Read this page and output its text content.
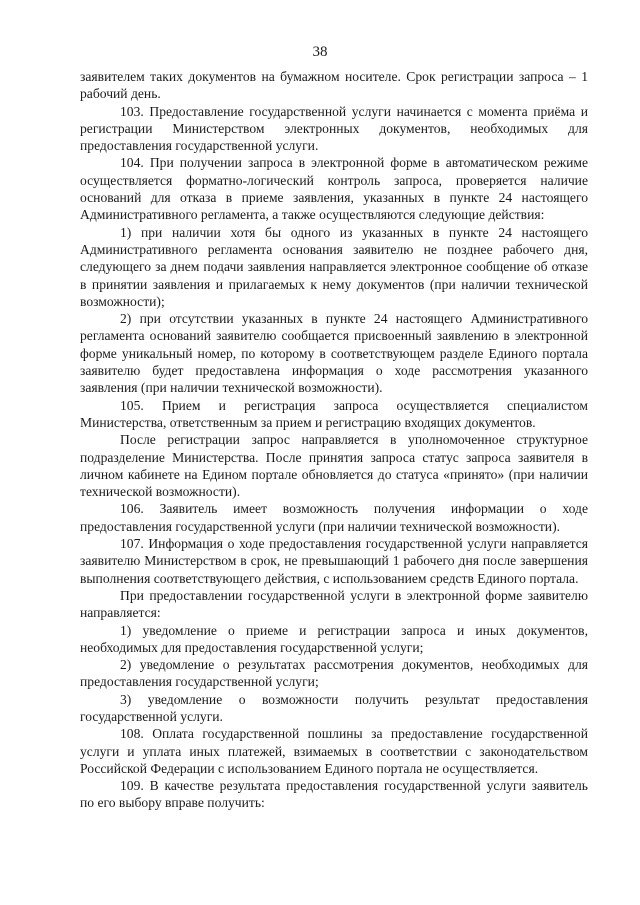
38

заявителем таких документов на бумажном носителе. Срок регистрации запроса – 1 рабочий день.

103. Предоставление государственной услуги начинается с момента приёма и регистрации Министерством электронных документов, необходимых для предоставления государственной услуги.

104. При получении запроса в электронной форме в автоматическом режиме осуществляется форматно-логический контроль запроса, проверяется наличие оснований для отказа в приеме заявления, указанных в пункте 24 настоящего Административного регламента, а также осуществляются следующие действия:

1) при наличии хотя бы одного из указанных в пункте 24 настоящего Административного регламента основания заявителю не позднее рабочего дня, следующего за днем подачи заявления направляется электронное сообщение об отказе в принятии заявления и прилагаемых к нему документов (при наличии технической возможности);

2) при отсутствии указанных в пункте 24 настоящего Административного регламента оснований заявителю сообщается присвоенный заявлению в электронной форме уникальный номер, по которому в соответствующем разделе Единого портала заявителю будет предоставлена информация о ходе рассмотрения указанного заявления (при наличии технической возможности).

105. Прием и регистрация запроса осуществляется специалистом Министерства, ответственным за прием и регистрацию входящих документов.

После регистрации запрос направляется в уполномоченное структурное подразделение Министерства. После принятия запроса статус запроса заявителя в личном кабинете на Едином портале обновляется до статуса «принято» (при наличии технической возможности).

106. Заявитель имеет возможность получения информации о ходе предоставления государственной услуги (при наличии технической возможности).

107. Информация о ходе предоставления государственной услуги направляется заявителю Министерством в срок, не превышающий 1 рабочего дня после завершения выполнения соответствующего действия, с использованием средств Единого портала.

При предоставлении государственной услуги в электронной форме заявителю направляется:

1) уведомление о приеме и регистрации запроса и иных документов, необходимых для предоставления государственной услуги;

2) уведомление о результатах рассмотрения документов, необходимых для предоставления государственной услуги;

3) уведомление о возможности получить результат предоставления государственной услуги.

108. Оплата государственной пошлины за предоставление государственной услуги и уплата иных платежей, взимаемых в соответствии с законодательством Российской Федерации с использованием Единого портала не осуществляется.

109. В качестве результата предоставления государственной услуги заявитель по его выбору вправе получить:
